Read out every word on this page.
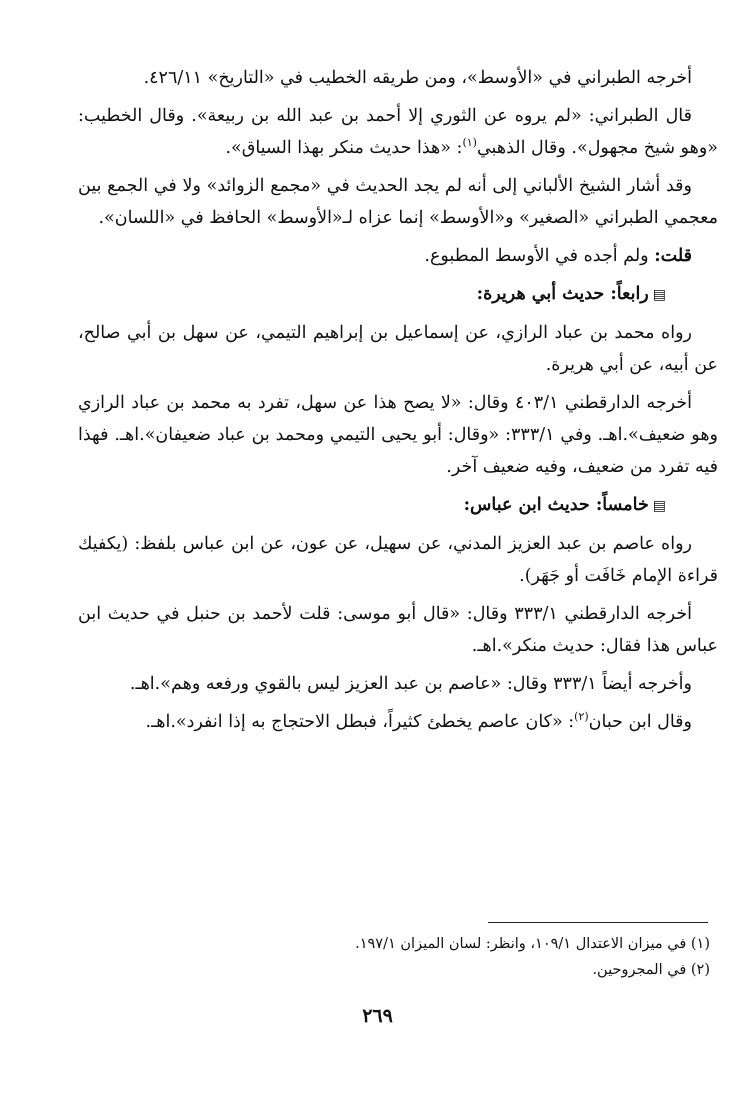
أخرجه الطبراني في «الأوسط»، ومن طريقه الخطيب في «التاريخ» ٤٢٦/١١.

قال الطبراني: «لم يروه عن الثوري إلا أحمد بن عبد الله بن ربيعة». وقال الخطيب: «وهو شيخ مجهول». وقال الذهبي$^{(١)}$: «هذا حديث منكر بهذا السياق».

وقد أشار الشيخ الألباني إلى أنه لم يجد الحديث في «مجمع الزوائد» ولا في الجمع بين معجمي الطبراني «الصغير» و«الأوسط» إنما عزاه لـ«الأوسط» الحافظ في «اللسان».

قلت: ولم أجده في الأوسط المطبوع.

▤رابعاً: حديث أبي هريرة:

رواه محمد بن عباد الرازي، عن إسماعيل بن إبراهيم التيمي، عن سهل بن أبي صالح، عن أبيه، عن أبي هريرة.

أخرجه الدارقطني ٤٠٣/١ وقال: «لا يصح هذا عن سهل، تفرد به محمد بن عباد الرازي وهو ضعيف».اهـ. وفي ٣٣٣/١: «وقال: أبو يحيى التيمي ومحمد بن عباد ضعيفان».اهـ. فهذا فيه تفرد من ضعيف، وفيه ضعيف آخر.

▤خامساً: حديث ابن عباس:

رواه عاصم بن عبد العزيز المدني، عن سهيل، عن عون، عن ابن عباس بلفظ: (يكفيك قراءة الإمام خَافَت أو جَهَر).

أخرجه الدارقطني ٣٣٣/١ وقال: «قال أبو موسى: قلت لأحمد بن حنبل في حديث ابن عباس هذا فقال: حديث منكر».اهـ.

وأخرجه أيضاً ٣٣٣/١ وقال: «عاصم بن عبد العزيز ليس بالقوي ورفعه وهم».اهـ.

وقال ابن حبان$^{(٢)}$: «كان عاصم يخطئ كثيراً، فبطل الاحتجاج به إذا انفرد».اهـ.

(١) في ميزان الاعتدال ١٠٩/١، وانظر: لسان الميزان ١٩٧/١.

(٢) في المجروحين.

٢٦٩
